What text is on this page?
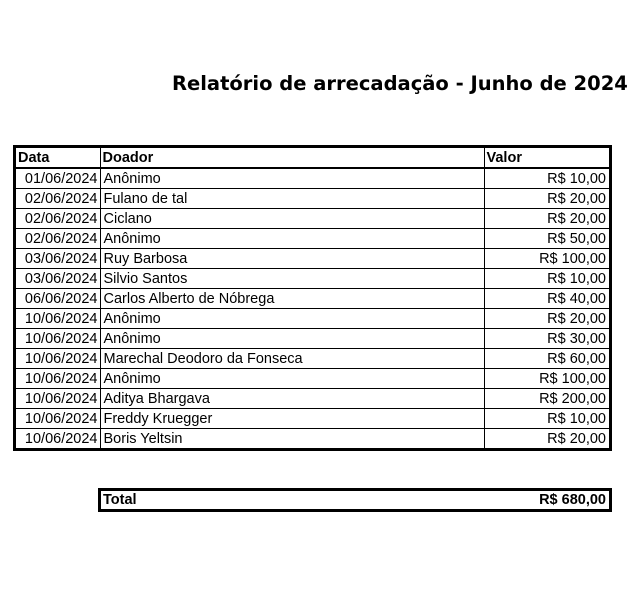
Relatório de arrecadação - Junho de 2024
Data	Doador	Valor
01/06/2024	Anônimo	R$ 10,00
02/06/2024	Fulano de tal	R$ 20,00
02/06/2024	Ciclano	R$ 20,00
02/06/2024	Anônimo	R$ 50,00
03/06/2024	Ruy Barbosa	R$ 100,00
03/06/2024	Silvio Santos	R$ 10,00
06/06/2024	Carlos Alberto de Nóbrega	R$ 40,00
10/06/2024	Anônimo	R$ 20,00
10/06/2024	Anônimo	R$ 30,00
10/06/2024	Marechal Deodoro da Fonseca	R$ 60,00
10/06/2024	Anônimo	R$ 100,00
10/06/2024	Aditya Bhargava	R$ 200,00
10/06/2024	Freddy Kruegger	R$ 10,00
10/06/2024	Boris Yeltsin	R$ 20,00
Total	R$ 680,00
